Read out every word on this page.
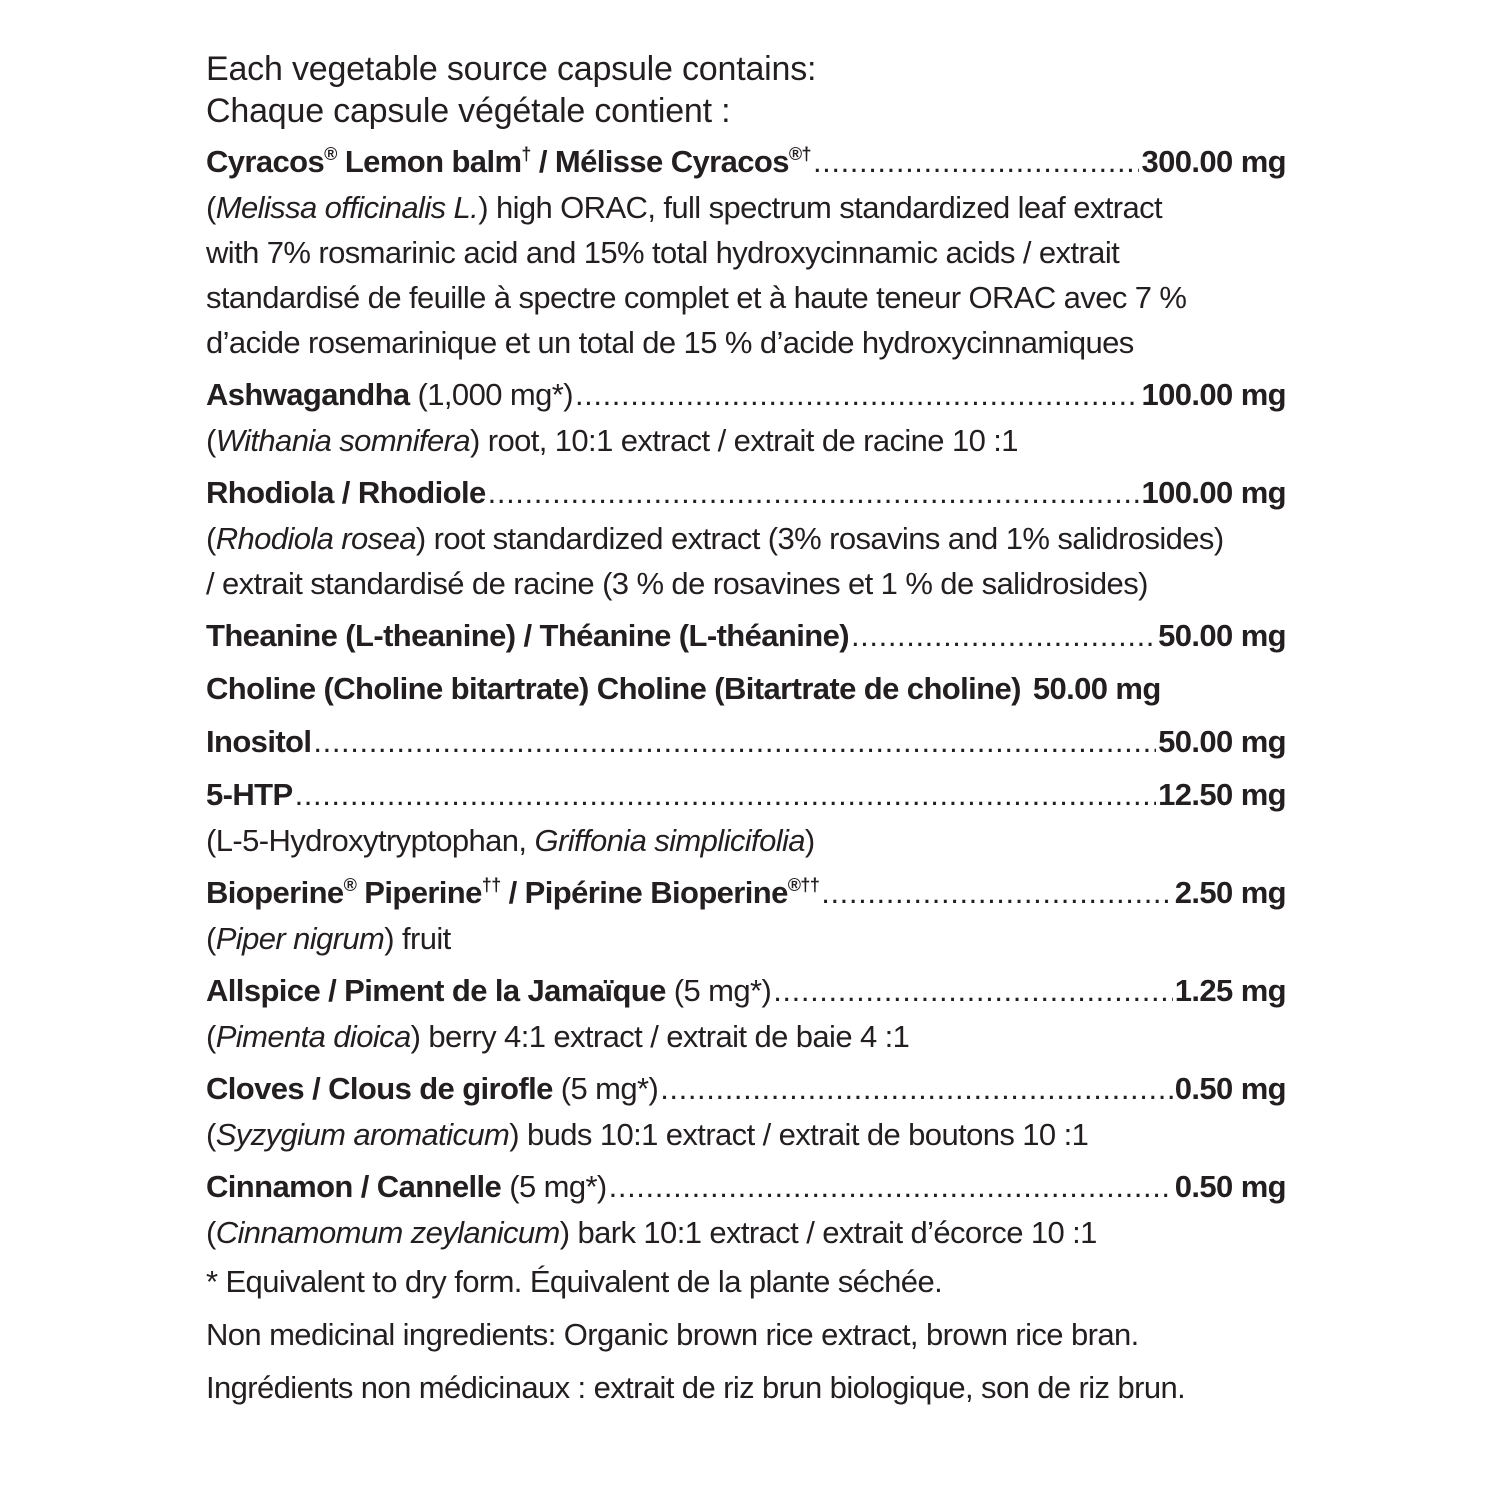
Each vegetable source capsule contains:
Chaque capsule végétale contient :
Cyracos® Lemon balm† / Mélisse Cyracos®† .....	300.00 mg
(Melissa officinalis L.) high ORAC, full spectrum standardized leaf extract
with 7% rosmarinic acid and 15% total hydroxycinnamic acids / extrait
standardisé de feuille à spectre complet et à haute teneur ORAC avec 7 %
d’acide rosemarinique et un total de 15 % d’acide hydroxycinnamiques
Ashwagandha (1,000 mg*) .....	100.00 mg
(Withania somnifera) root, 10:1 extract / extrait de racine 10 :1
Rhodiola / Rhodiole .....	100.00 mg
(Rhodiola rosea) root standardized extract (3% rosavins and 1% salidrosides)
/ extrait standardisé de racine (3 % de rosavines et 1 % de salidrosides)
Theanine (L-theanine) / Théanine (L-théanine) .....	50.00 mg
Choline (Choline bitartrate) Choline (Bitartrate de choline) 50.00 mg
Inositol .....	50.00 mg
5-HTP .....	12.50 mg
(L-5-Hydroxytryptophan, Griffonia simplicifolia)
Bioperine® Piperine†† / Pipérine Bioperine®†† .....	2.50 mg
(Piper nigrum) fruit
Allspice / Piment de la Jamaïque (5 mg*) .....	1.25 mg
(Pimenta dioica) berry 4:1 extract / extrait de baie 4 :1
Cloves / Clous de girofle (5 mg*) .....	0.50 mg
(Syzygium aromaticum) buds 10:1 extract / extrait de boutons 10 :1
Cinnamon / Cannelle (5 mg*) .....	0.50 mg
(Cinnamomum zeylanicum) bark 10:1 extract / extrait d’écorce 10 :1
* Equivalent to dry form. Équivalent de la plante séchée.
Non medicinal ingredients: Organic brown rice extract, brown rice bran.
Ingrédients non médicinaux : extrait de riz brun biologique, son de riz brun.
